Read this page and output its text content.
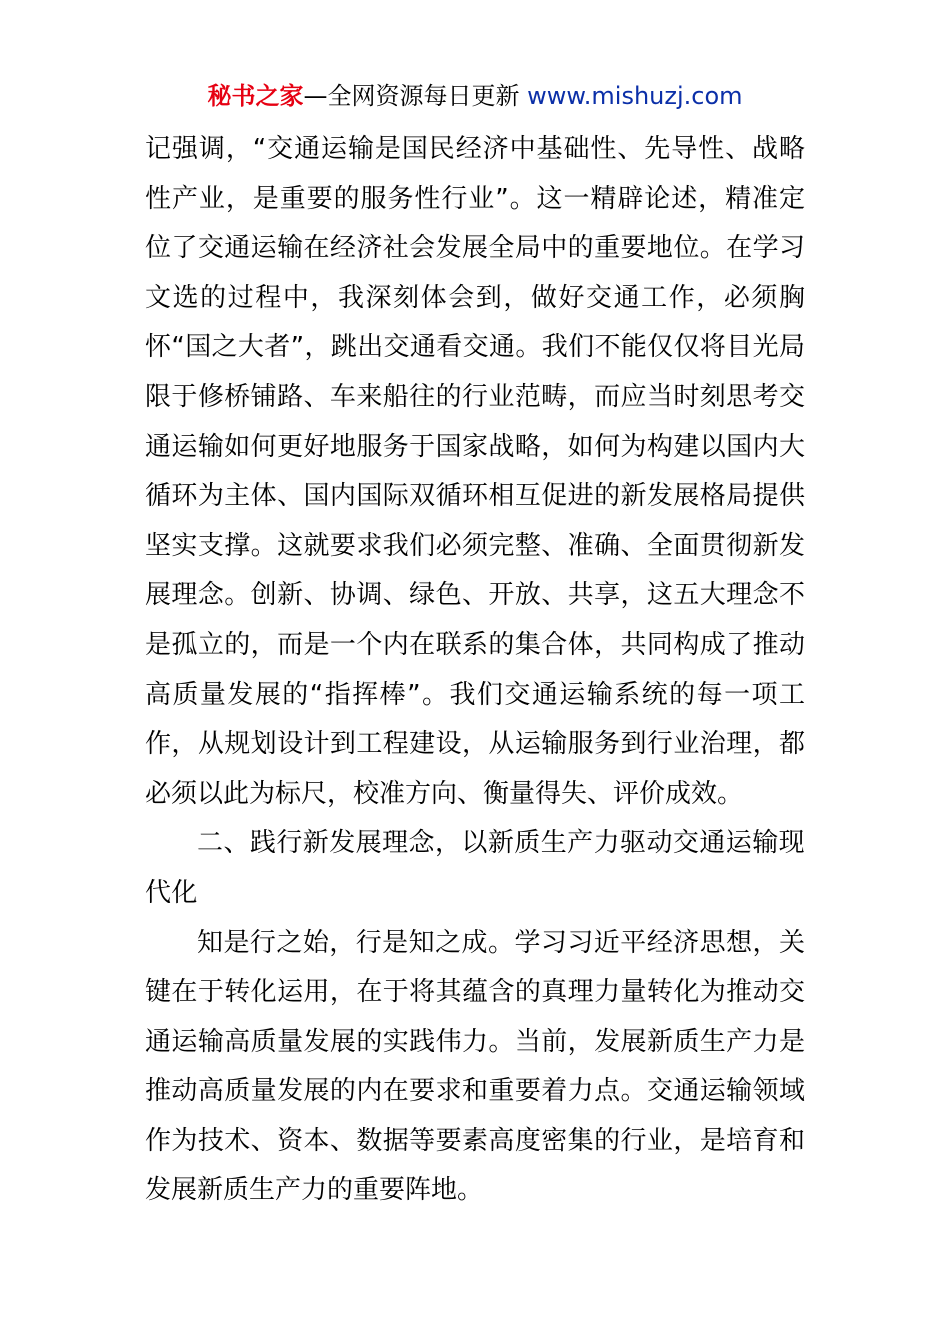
秘书之家—全网资源每日更新 www.mishuzj.com

记强调，“交通运输是国民经济中基础性、先导性、战略性产业，是重要的服务性行业”。这一精辟论述，精准定位了交通运输在经济社会发展全局中的重要地位。在学习文选的过程中，我深刻体会到，做好交通工作，必须胸怀“国之大者”，跳出交通看交通。我们不能仅仅将目光局限于修桥铺路、车来船往的行业范畴，而应当时刻思考交通运输如何更好地服务于国家战略，如何为构建以国内大循环为主体、国内国际双循环相互促进的新发展格局提供坚实支撑。这就要求我们必须完整、准确、全面贯彻新发展理念。创新、协调、绿色、开放、共享，这五大理念不是孤立的，而是一个内在联系的集合体，共同构成了推动高质量发展的“指挥棒”。我们交通运输系统的每一项工作，从规划设计到工程建设，从运输服务到行业治理，都必须以此为标尺，校准方向、衡量得失、评价成效。

二、践行新发展理念，以新质生产力驱动交通运输现代化

知是行之始，行是知之成。学习习近平经济思想，关键在于转化运用，在于将其蕴含的真理力量转化为推动交通运输高质量发展的实践伟力。当前，发展新质生产力是推动高质量发展的内在要求和重要着力点。交通运输领域作为技术、资本、数据等要素高度密集的行业，是培育和发展新质生产力的重要阵地。
